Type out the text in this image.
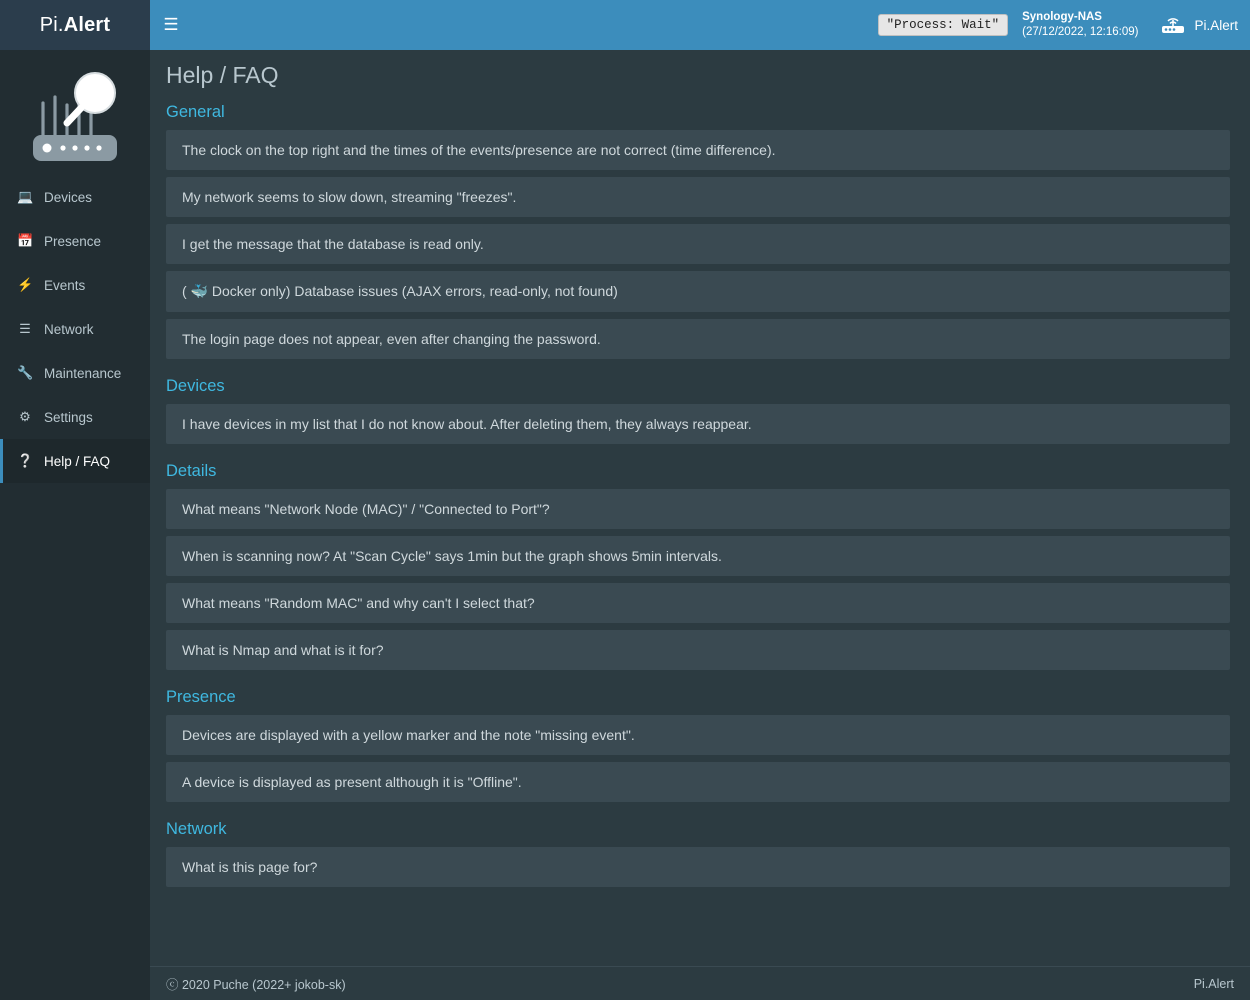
Pi. Alert	☰	"Process: Wait"
Synology-NAS
(27/12/2022, 12:16:09)	Pi.Alert
💻 Devices
📅 Presence
⚡ Events
☰ Network
🔧 Maintenance
⚙ Settings
❔ Help / FAQ
Help / FAQ
General
The clock on the top right and the times of the events/presence are not correct (time difference).
My network seems to slow down, streaming "freezes".
I get the message that the database is read only.
( 🐳 Docker only) Database issues (AJAX errors, read-only, not found)
The login page does not appear, even after changing the password.
Devices
I have devices in my list that I do not know about. After deleting them, they always reappear.
Details
What means "Network Node (MAC)" / "Connected to Port"?
When is scanning now? At "Scan Cycle" says 1min but the graph shows 5min intervals.
What means "Random MAC" and why can't I select that?
What is Nmap and what is it for?
Presence
Devices are displayed with a yellow marker and the note "missing event".
A device is displayed as present although it is "Offline".
Network
What is this page for?
ⓒ 2020 Puche (2022+ jokob-sk)	Pi.Alert
